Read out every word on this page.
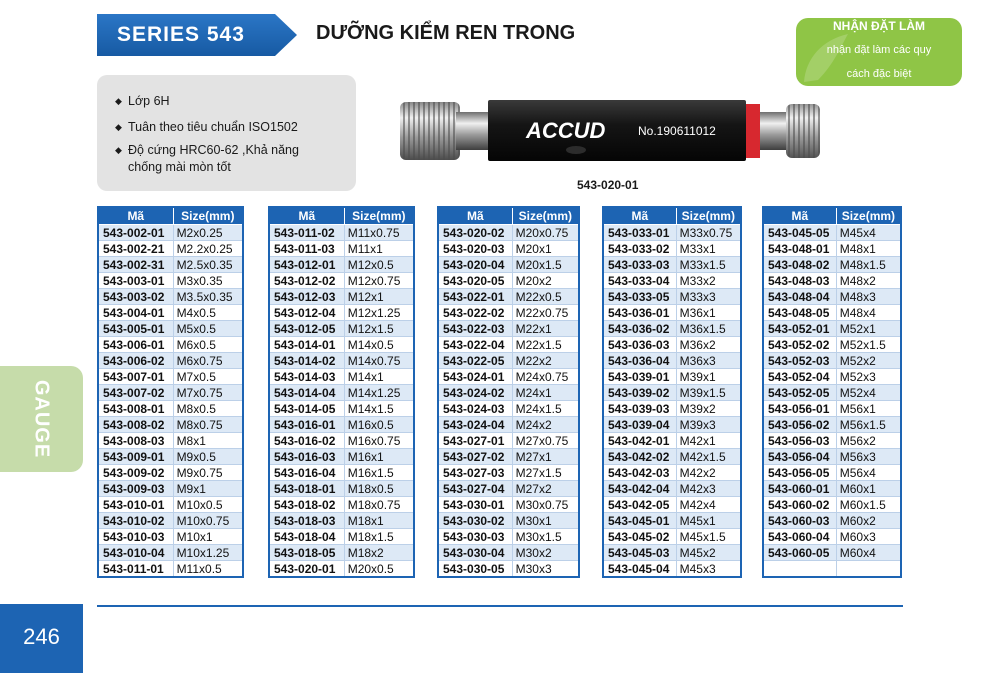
SERIES 543	DƯỠNG KIỂM REN TRONG	NHẬN ĐẶT LÀM
nhận đặt làm các quy
cách đặc biệt
◆ Lớp 6H
◆ Tuân theo tiêu chuẩn ISO1502
◆ Độ cứng HRC60-62 ,Khả năng chống mài mòn tốt
ACCUD	No.190611012
543-020-01
GAUGE
246
Mã	Size(mm)
543-002-01	M2x0.25
543-002-21	M2.2x0.25
543-002-31	M2.5x0.35
543-003-01	M3x0.35
543-003-02	M3.5x0.35
543-004-01	M4x0.5
543-005-01	M5x0.5
543-006-01	M6x0.5
543-006-02	M6x0.75
543-007-01	M7x0.5
543-007-02	M7x0.75
543-008-01	M8x0.5
543-008-02	M8x0.75
543-008-03	M8x1
543-009-01	M9x0.5
543-009-02	M9x0.75
543-009-03	M9x1
543-010-01	M10x0.5
543-010-02	M10x0.75
543-010-03	M10x1
543-010-04	M10x1.25
543-011-01	M11x0.5
Mã	Size(mm)
543-011-02	M11x0.75
543-011-03	M11x1
543-012-01	M12x0.5
543-012-02	M12x0.75
543-012-03	M12x1
543-012-04	M12x1.25
543-012-05	M12x1.5
543-014-01	M14x0.5
543-014-02	M14x0.75
543-014-03	M14x1
543-014-04	M14x1.25
543-014-05	M14x1.5
543-016-01	M16x0.5
543-016-02	M16x0.75
543-016-03	M16x1
543-016-04	M16x1.5
543-018-01	M18x0.5
543-018-02	M18x0.75
543-018-03	M18x1
543-018-04	M18x1.5
543-018-05	M18x2
543-020-01	M20x0.5
Mã	Size(mm)
543-020-02	M20x0.75
543-020-03	M20x1
543-020-04	M20x1.5
543-020-05	M20x2
543-022-01	M22x0.5
543-022-02	M22x0.75
543-022-03	M22x1
543-022-04	M22x1.5
543-022-05	M22x2
543-024-01	M24x0.75
543-024-02	M24x1
543-024-03	M24x1.5
543-024-04	M24x2
543-027-01	M27x0.75
543-027-02	M27x1
543-027-03	M27x1.5
543-027-04	M27x2
543-030-01	M30x0.75
543-030-02	M30x1
543-030-03	M30x1.5
543-030-04	M30x2
543-030-05	M30x3
Mã	Size(mm)
543-033-01	M33x0.75
543-033-02	M33x1
543-033-03	M33x1.5
543-033-04	M33x2
543-033-05	M33x3
543-036-01	M36x1
543-036-02	M36x1.5
543-036-03	M36x2
543-036-04	M36x3
543-039-01	M39x1
543-039-02	M39x1.5
543-039-03	M39x2
543-039-04	M39x3
543-042-01	M42x1
543-042-02	M42x1.5
543-042-03	M42x2
543-042-04	M42x3
543-042-05	M42x4
543-045-01	M45x1
543-045-02	M45x1.5
543-045-03	M45x2
543-045-04	M45x3
Mã	Size(mm)
543-045-05	M45x4
543-048-01	M48x1
543-048-02	M48x1.5
543-048-03	M48x2
543-048-04	M48x3
543-048-05	M48x4
543-052-01	M52x1
543-052-02	M52x1.5
543-052-03	M52x2
543-052-04	M52x3
543-052-05	M52x4
543-056-01	M56x1
543-056-02	M56x1.5
543-056-03	M56x2
543-056-04	M56x3
543-056-05	M56x4
543-060-01	M60x1
543-060-02	M60x1.5
543-060-03	M60x2
543-060-04	M60x3
543-060-05	M60x4
